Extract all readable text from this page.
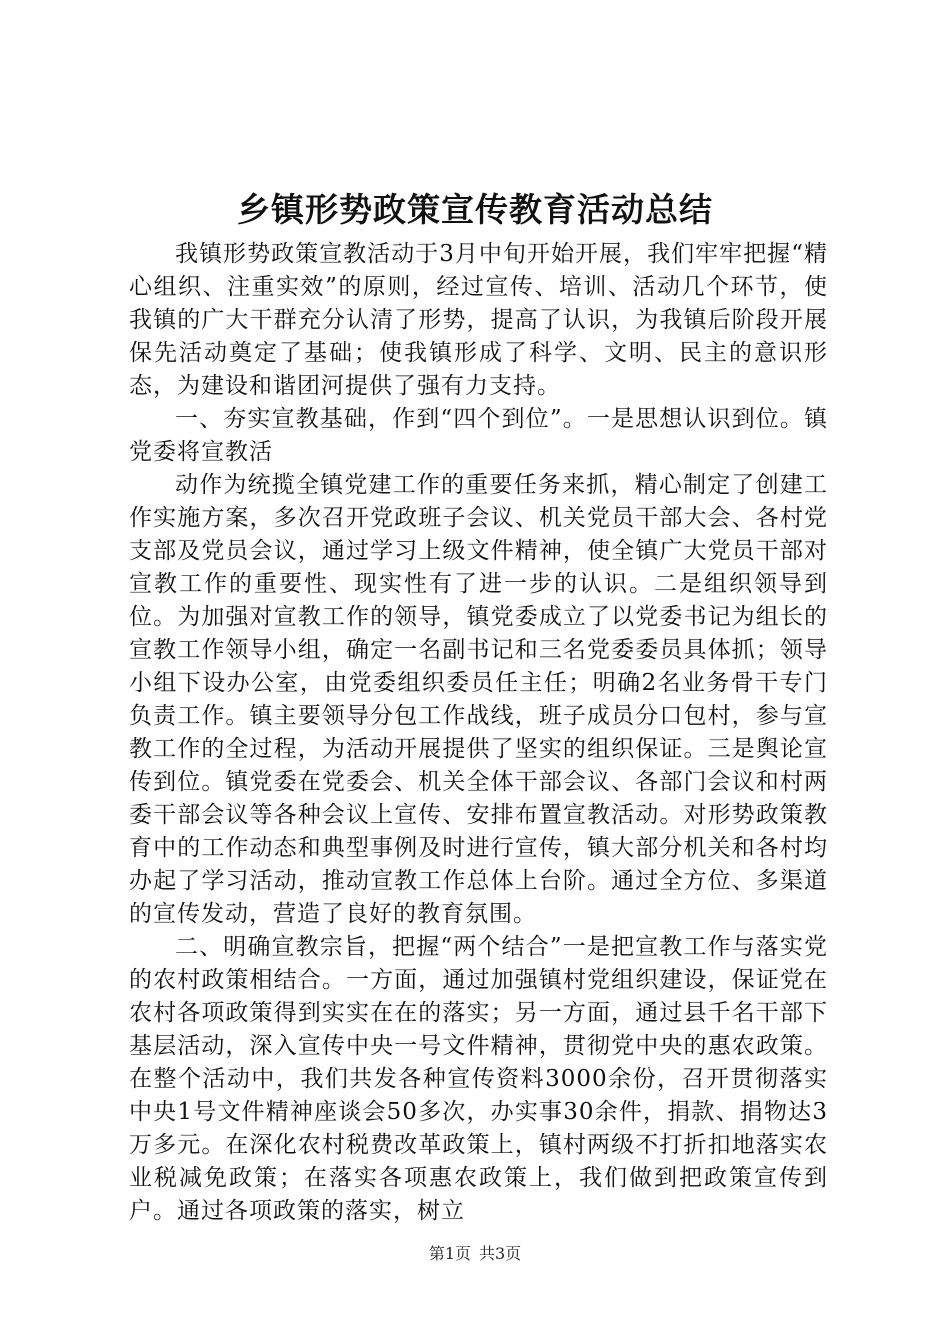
乡镇形势政策宣传教育活动总结

我镇形势政策宣教活动于3月中旬开始开展，我们牢牢把握“精心组织、注重实效”的原则，经过宣传、培训、活动几个环节，使我镇的广大干群充分认清了形势，提高了认识，为我镇后阶段开展保先活动奠定了基础；使我镇形成了科学、文明、民主的意识形态，为建设和谐团河提供了强有力支持。

一、夯实宣教基础，作到“四个到位”。一是思想认识到位。镇党委将宣教活

动作为统揽全镇党建工作的重要任务来抓，精心制定了创建工作实施方案，多次召开党政班子会议、机关党员干部大会、各村党支部及党员会议，通过学习上级文件精神，使全镇广大党员干部对宣教工作的重要性、现实性有了进一步的认识。二是组织领导到位。为加强对宣教工作的领导，镇党委成立了以党委书记为组长的宣教工作领导小组，确定一名副书记和三名党委委员具体抓；领导小组下设办公室，由党委组织委员任主任；明确2名业务骨干专门负责工作。镇主要领导分包工作战线，班子成员分口包村，参与宣教工作的全过程，为活动开展提供了坚实的组织保证。三是舆论宣传到位。镇党委在党委会、机关全体干部会议、各部门会议和村两委干部会议等各种会议上宣传、安排布置宣教活动。对形势政策教育中的工作动态和典型事例及时进行宣传，镇大部分机关和各村均办起了学习活动，推动宣教工作总体上台阶。通过全方位、多渠道的宣传发动，营造了良好的教育氛围。

二、明确宣教宗旨，把握“两个结合”一是把宣教工作与落实党的农村政策相结合。一方面，通过加强镇村党组织建设，保证党在农村各项政策得到实实在在的落实；另一方面，通过县千名干部下基层活动，深入宣传中央一号文件精神，贯彻党中央的惠农政策。在整个活动中，我们共发各种宣传资料3000余份，召开贯彻落实中央1号文件精神座谈会50多次，办实事30余件，捐款、捐物达3万多元。在深化农村税费改革政策上，镇村两级不打折扣地落实农业税减免政策；在落实各项惠农政策上，我们做到把政策宣传到户。通过各项政策的落实，树立

第1页 共3页
